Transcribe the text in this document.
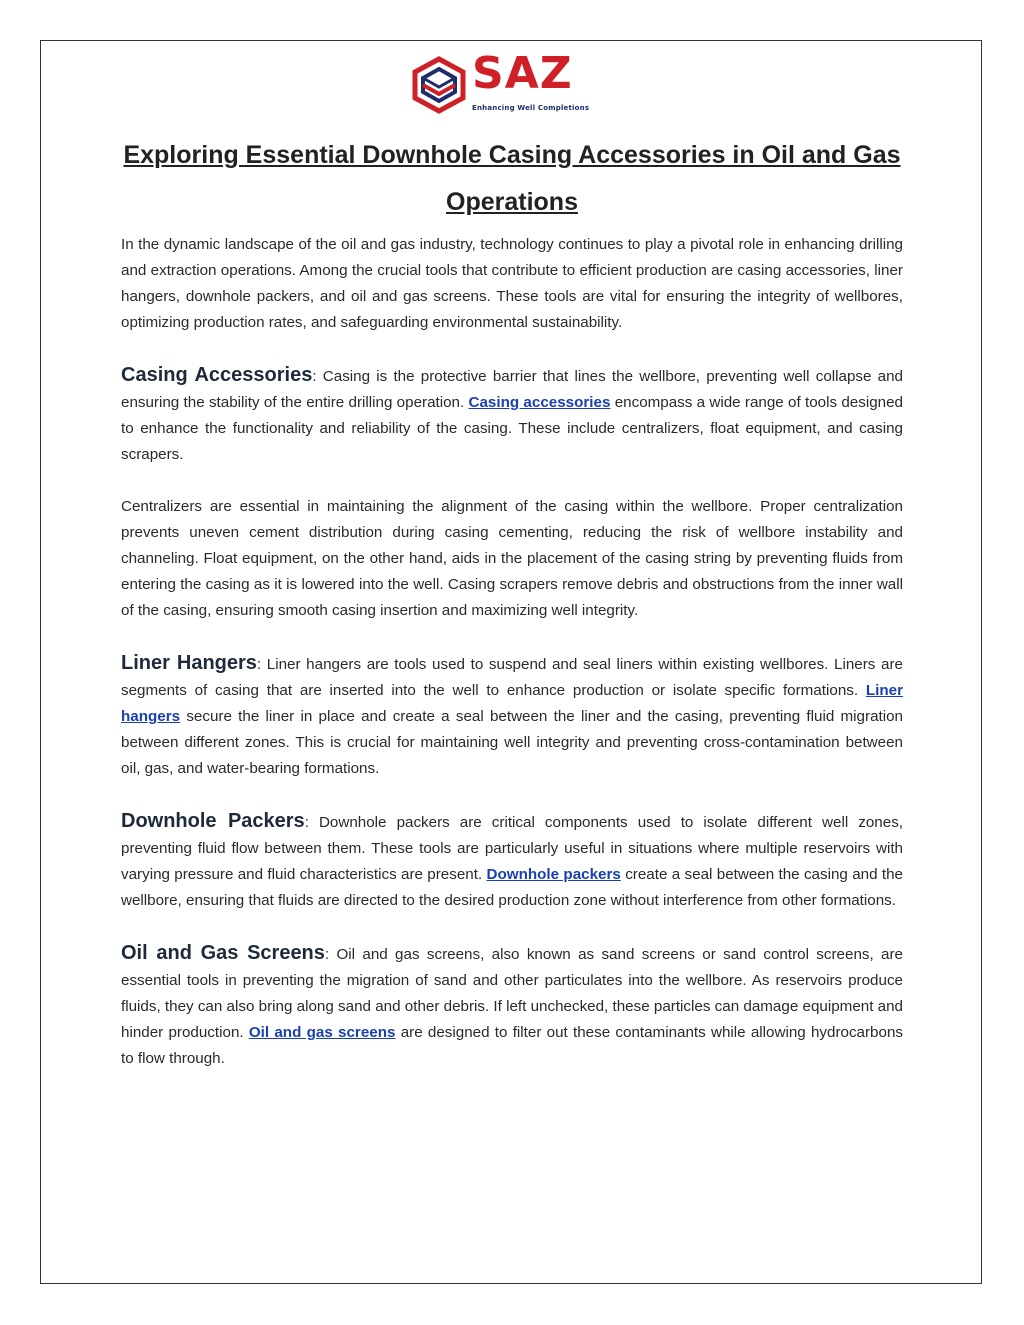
SAZ
Enhancing Well Completions
Exploring Essential Downhole Casing Accessories in Oil and Gas Operations

In the dynamic landscape of the oil and gas industry, technology continues to play a pivotal role in enhancing drilling and extraction operations. Among the crucial tools that contribute to efficient production are casing accessories, liner hangers, downhole packers, and oil and gas screens. These tools are vital for ensuring the integrity of wellbores, optimizing production rates, and safeguarding environmental sustainability.

Casing Accessories: Casing is the protective barrier that lines the wellbore, preventing well collapse and ensuring the stability of the entire drilling operation. Casing accessories encompass a wide range of tools designed to enhance the functionality and reliability of the casing. These include centralizers, float equipment, and casing scrapers.

Centralizers are essential in maintaining the alignment of the casing within the wellbore. Proper centralization prevents uneven cement distribution during casing cementing, reducing the risk of wellbore instability and channeling. Float equipment, on the other hand, aids in the placement of the casing string by preventing fluids from entering the casing as it is lowered into the well. Casing scrapers remove debris and obstructions from the inner wall of the casing, ensuring smooth casing insertion and maximizing well integrity.

Liner Hangers: Liner hangers are tools used to suspend and seal liners within existing wellbores. Liners are segments of casing that are inserted into the well to enhance production or isolate specific formations. Liner hangers secure the liner in place and create a seal between the liner and the casing, preventing fluid migration between different zones. This is crucial for maintaining well integrity and preventing cross-contamination between oil, gas, and water-bearing formations.

Downhole Packers: Downhole packers are critical components used to isolate different well zones, preventing fluid flow between them. These tools are particularly useful in situations where multiple reservoirs with varying pressure and fluid characteristics are present. Downhole packers create a seal between the casing and the wellbore, ensuring that fluids are directed to the desired production zone without interference from other formations.

Oil and Gas Screens: Oil and gas screens, also known as sand screens or sand control screens, are essential tools in preventing the migration of sand and other particulates into the wellbore. As reservoirs produce fluids, they can also bring along sand and other debris. If left unchecked, these particles can damage equipment and hinder production. Oil and gas screens are designed to filter out these contaminants while allowing hydrocarbons to flow through.
